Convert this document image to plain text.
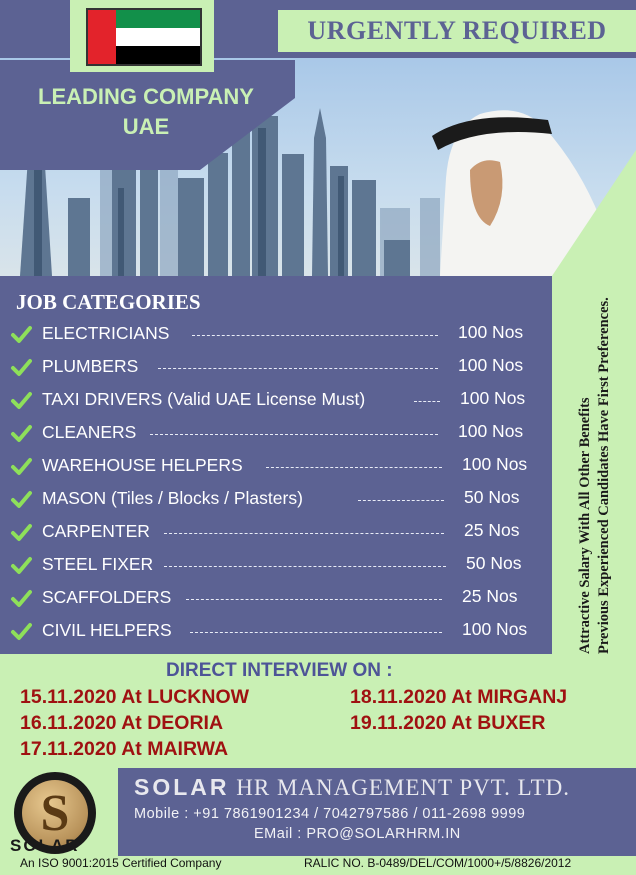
URGENTLY REQUIRED
LEADING COMPANY
UAE
JOB CATEGORIES
ELECTRICIANS	100 Nos
PLUMBERS	100 Nos
TAXI DRIVERS (Valid UAE License Must)	100 Nos
CLEANERS	100 Nos
WAREHOUSE HELPERS	100 Nos
MASON (Tiles / Blocks / Plasters)	50 Nos
CARPENTER	25 Nos
STEEL FIXER	50 Nos
SCAFFOLDERS	25 Nos
CIVIL HELPERS	100 Nos	Attractive Salary With All Other Benefits Previous Experienced Candidates Have First Preferences.
DIRECT INTERVIEW ON :
15.11.2020 At LUCKNOW
16.11.2020 At DEORIA
17.11.2020 At MAIRWA
18.11.2020 At MIRGANJ
19.11.2020 At BUXER
SOLAR HR MANAGEMENT PVT. LTD.
Mobile : +91 7861901234 / 7042797586 / 011-2698 9999
EMail : PRO@SOLARHRM.IN
S
SOLAR
An ISO 9001:2015 Certified Company	RALIC NO. B-0489/DEL/COM/1000+/5/8826/2012
